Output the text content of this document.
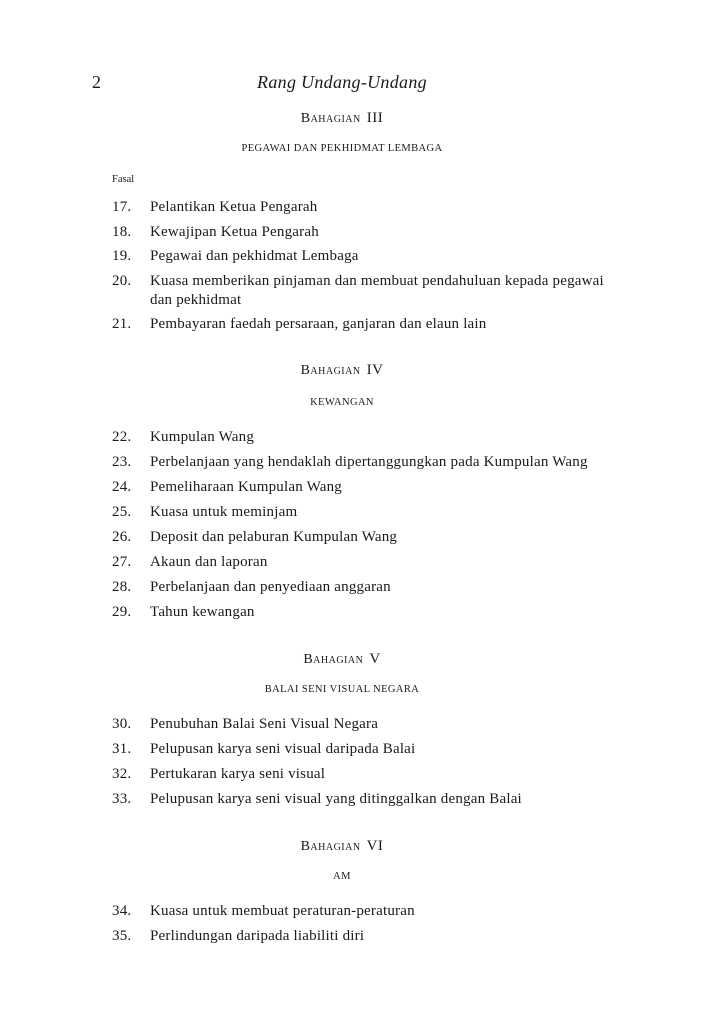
2	Rang Undang-Undang
Bahagian III
PEGAWAI DAN PEKHIDMAT LEMBAGA
Fasal
17.	Pelantikan Ketua Pengarah
18.	Kewajipan Ketua Pengarah
19.	Pegawai dan pekhidmat Lembaga
20.	Kuasa memberikan pinjaman dan membuat pendahuluan kepada pegawai dan pekhidmat
21.	Pembayaran faedah persaraan, ganjaran dan elaun lain
Bahagian IV
KEWANGAN
22.	Kumpulan Wang
23.	Perbelanjaan yang hendaklah dipertanggungkan pada Kumpulan Wang
24.	Pemeliharaan Kumpulan Wang
25.	Kuasa untuk meminjam
26.	Deposit dan pelaburan Kumpulan Wang
27.	Akaun dan laporan
28.	Perbelanjaan dan penyediaan anggaran
29.	Tahun kewangan
Bahagian V
BALAI SENI VISUAL NEGARA
30.	Penubuhan Balai Seni Visual Negara
31.	Pelupusan karya seni visual daripada Balai
32.	Pertukaran karya seni visual
33.	Pelupusan karya seni visual yang ditinggalkan dengan Balai
Bahagian VI
AM
34.	Kuasa untuk membuat peraturan-peraturan
35.	Perlindungan daripada liabiliti diri
